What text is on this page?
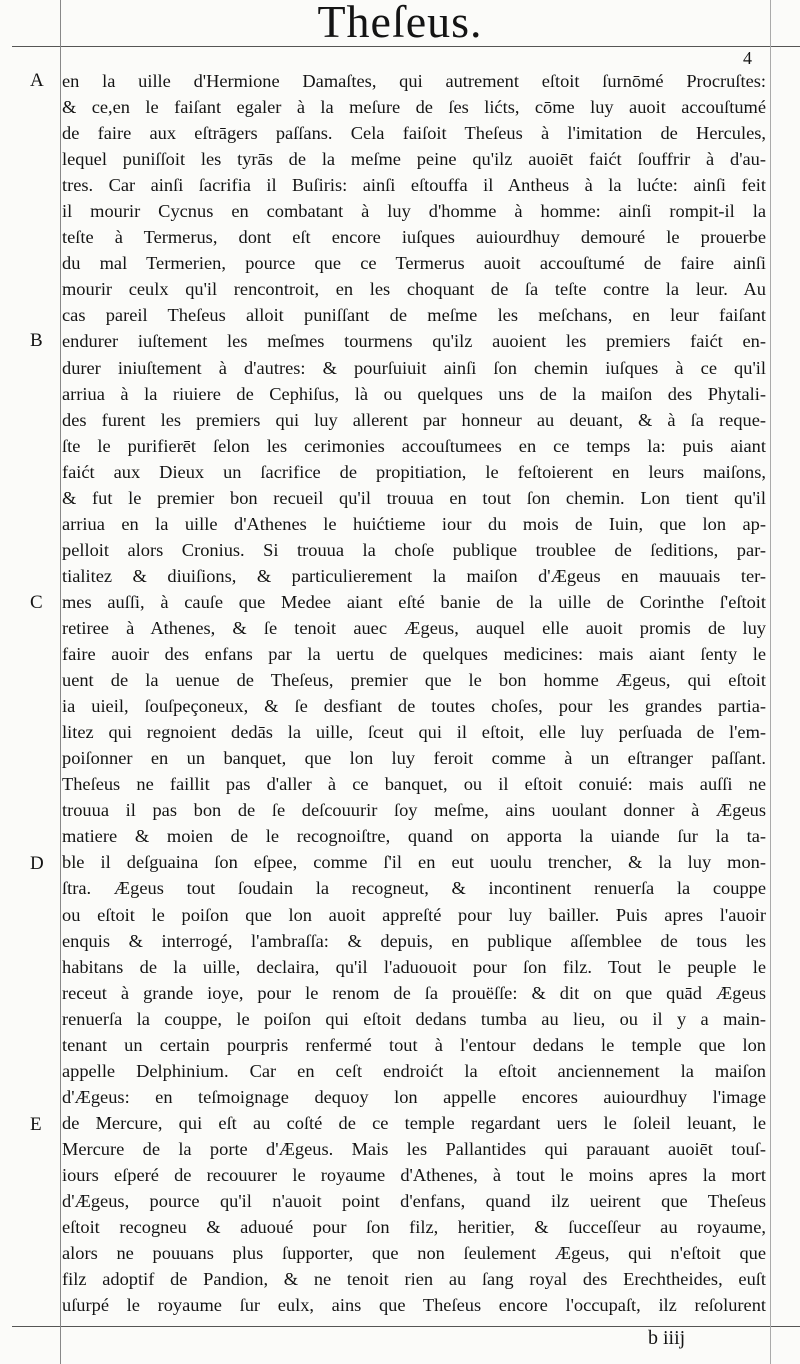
Theſeus.
4
A
B
C
D
E
en la uille d'Hermione Damaſtes, qui autrement eſtoit ſurnōmé Procruſtes:
& ce,en le faiſant egaler à la meſure de ſes lićts, cōme luy auoit accouſtumé
de faire aux eſtrāgers paſſans. Cela faiſoit Theſeus à l'imitation de Hercules,
lequel puniſſoit les tyrās de la meſme peine qu'ilz auoiēt faićt ſouffrir à d'au-
tres. Car ainſi ſacrifia il Buſiris: ainſi eſtouffa il Antheus à la lućte: ainſi feit
il mourir Cycnus en combatant à luy d'homme à homme: ainſi rompit-il la
teſte à Termerus, dont eſt encore iuſques auiourdhuy demouré le prouerbe
du mal Termerien, pource que ce Termerus auoit accouſtumé de faire ainſi
mourir ceulx qu'il rencontroit, en les choquant de ſa teſte contre la leur. Au
cas pareil Theſeus alloit puniſſant de meſme les meſchans, en leur faiſant
endurer iuſtement les meſmes tourmens qu'ilz auoient les premiers faićt en-
durer iniuſtement à d'autres: & pourſuiuit ainſi ſon chemin iuſques à ce qu'il
arriua à la riuiere de Cephiſus, là ou quelques uns de la maiſon des Phytali-
des furent les premiers qui luy allerent par honneur au deuant, & à ſa reque-
ſte le purifierēt ſelon les cerimonies accouſtumees en ce temps la: puis aiant
faićt aux Dieux un ſacrifice de propitiation, le feſtoierent en leurs maiſons,
& fut le premier bon recueil qu'il trouua en tout ſon chemin. Lon tient qu'il
arriua en la uille d'Athenes le huićtieme iour du mois de Iuin, que lon ap-
pelloit alors Cronius. Si trouua la choſe publique troublee de ſeditions, par-
tialitez & diuiſions, & particulierement la maiſon d'Ægeus en mauuais ter-
mes auſſi, à cauſe que Medee aiant eſté banie de la uille de Corinthe ſ'eſtoit
retiree à Athenes, & ſe tenoit auec Ægeus, auquel elle auoit promis de luy
faire auoir des enfans par la uertu de quelques medicines: mais aiant ſenty le
uent de la uenue de Theſeus, premier que le bon homme Ægeus, qui eſtoit
ia uieil, ſouſpeçoneux, & ſe desfiant de toutes choſes, pour les grandes partia-
litez qui regnoient dedās la uille, ſceut qui il eſtoit, elle luy perſuada de l'em-
poiſonner en un banquet, que lon luy feroit comme à un eſtranger paſſant.
Theſeus ne faillit pas d'aller à ce banquet, ou il eſtoit conuié: mais auſſi ne
trouua il pas bon de ſe deſcouurir ſoy meſme, ains uoulant donner à Ægeus
matiere & moien de le recognoiſtre, quand on apporta la uiande ſur la ta-
ble il deſguaina ſon eſpee, comme ſ'il en eut uoulu trencher, & la luy mon-
ſtra. Ægeus tout ſoudain la recogneut, & incontinent renuerſa la couppe
ou eſtoit le poiſon que lon auoit appreſté pour luy bailler. Puis apres l'auoir
enquis & interrogé, l'ambraſſa: & depuis, en publique aſſemblee de tous les
habitans de la uille, declaira, qu'il l'aduouoit pour ſon filz. Tout le peuple le
receut à grande ioye, pour le renom de ſa prouëſſe: & dit on que quād Ægeus
renuerſa la couppe, le poiſon qui eſtoit dedans tumba au lieu, ou il y a main-
tenant un certain pourpris renfermé tout à l'entour dedans le temple que lon
appelle Delphinium. Car en ceſt endroićt la eſtoit anciennement la maiſon
d'Ægeus: en teſmoignage dequoy lon appelle encores auiourdhuy l'image
de Mercure, qui eſt au coſté de ce temple regardant uers le ſoleil leuant, le
Mercure de la porte d'Ægeus. Mais les Pallantides qui parauant auoiēt touſ-
iours eſperé de recouurer le royaume d'Athenes, à tout le moins apres la mort
d'Ægeus, pource qu'il n'auoit point d'enfans, quand ilz ueirent que Theſeus
eſtoit recogneu & aduoué pour ſon filz, heritier, & ſucceſſeur au royaume,
alors ne pouuans plus ſupporter, que non ſeulement Ægeus, qui n'eſtoit que
filz adoptif de Pandion, & ne tenoit rien au ſang royal des Erechtheides, euſt
uſurpé le royaume ſur eulx, ains que Theſeus encore l'occupaſt, ilz reſolurent
b iiij
